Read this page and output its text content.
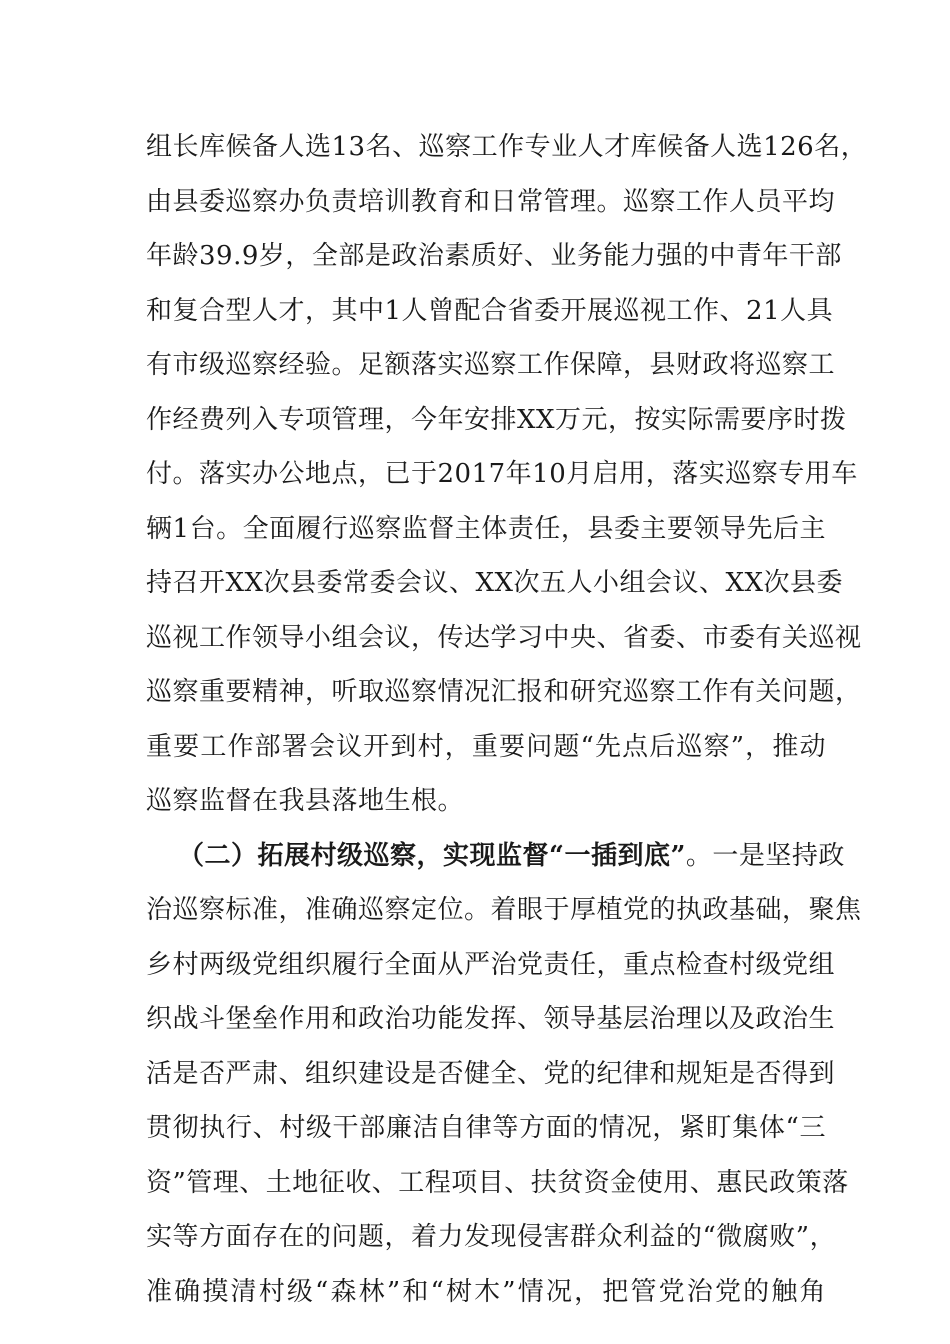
组长库候备人选13名、巡察工作专业人才库候备人选126名，
由县委巡察办负责培训教育和日常管理。巡察工作人员平均
年龄39.9岁，全部是政治素质好、业务能力强的中青年干部
和复合型人才，其中1人曾配合省委开展巡视工作、21人具
有市级巡察经验。足额落实巡察工作保障，县财政将巡察工
作经费列入专项管理，今年安排XX万元，按实际需要序时拨
付。落实办公地点，已于2017年10月启用，落实巡察专用车
辆1台。全面履行巡察监督主体责任，县委主要领导先后主
持召开XX次县委常委会议、XX次五人小组会议、XX次县委
巡视工作领导小组会议，传达学习中央、省委、市委有关巡视
巡察重要精神，听取巡察情况汇报和研究巡察工作有关问题，
重要工作部署会议开到村，重要问题“先点后巡察”，推动
巡察监督在我县落地生根。
（二）拓展村级巡察，实现监督“一插到底”。一是坚持政
治巡察标准，准确巡察定位。着眼于厚植党的执政基础，聚焦
乡村两级党组织履行全面从严治党责任，重点检查村级党组
织战斗堡垒作用和政治功能发挥、领导基层治理以及政治生
活是否严肃、组织建设是否健全、党的纪律和规矩是否得到
贯彻执行、村级干部廉洁自律等方面的情况，紧盯集体“三
资”管理、土地征收、工程项目、扶贫资金使用、惠民政策落
实等方面存在的问题，着力发现侵害群众利益的“微腐败”，
准确摸清村级“森林”和“树木”情况，把管党治党的触角
